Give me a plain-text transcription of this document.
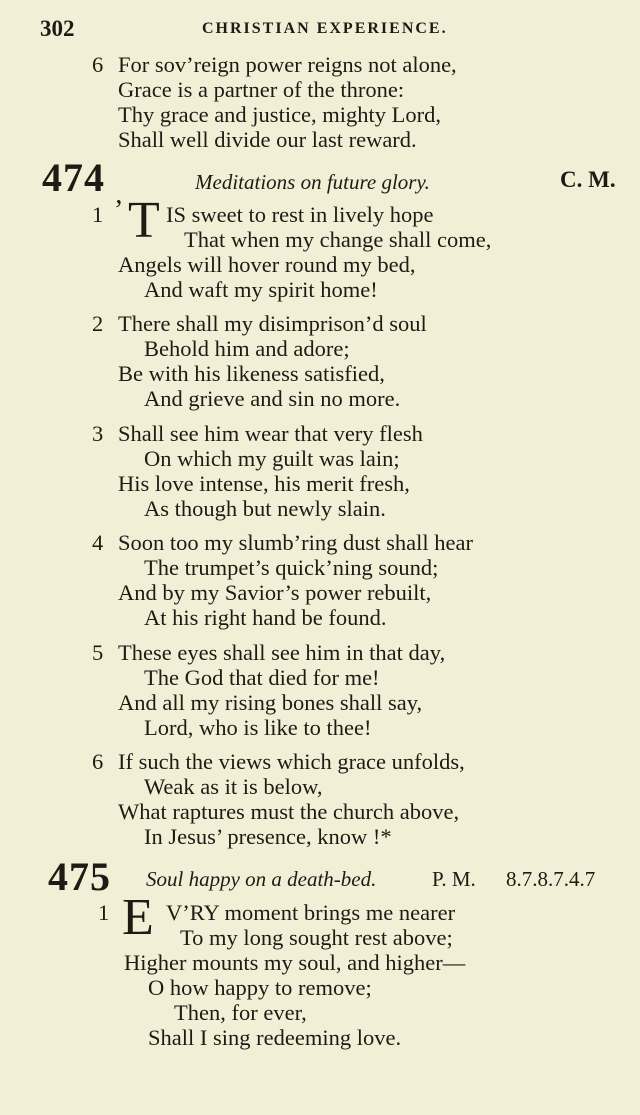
302	CHRISTIAN EXPERIENCE.
6 For sov’reign power reigns not alone,
Grace is a partner of the throne:
Thy grace and justice, mighty Lord,
Shall well divide our last reward.
474	Meditations on future glory.	C. M.
1 ’ T IS sweet to rest in lively hope
That when my change shall come,
Angels will hover round my bed,
And waft my spirit home!
2 There shall my disimprison’d soul
Behold him and adore;
Be with his likeness satisfied,
And grieve and sin no more.
3 Shall see him wear that very flesh
On which my guilt was lain;
His love intense, his merit fresh,
As though but newly slain.
4 Soon too my slumb’ring dust shall hear
The trumpet’s quick’ning sound;
And by my Savior’s power rebuilt,
At his right hand be found.
5 These eyes shall see him in that day,
The God that died for me!
And all my rising bones shall say,
Lord, who is like to thee!
6 If such the views which grace unfolds,
Weak as it is below,
What raptures must the church above,
In Jesus’ presence, know !*
475 Soul happy on a death-bed.	P. M. 8.7.8.7.4.7
1 E V’RY moment brings me nearer
To my long sought rest above;
Higher mounts my soul, and higher—
O how happy to remove;
Then, for ever,
Shall I sing redeeming love.
